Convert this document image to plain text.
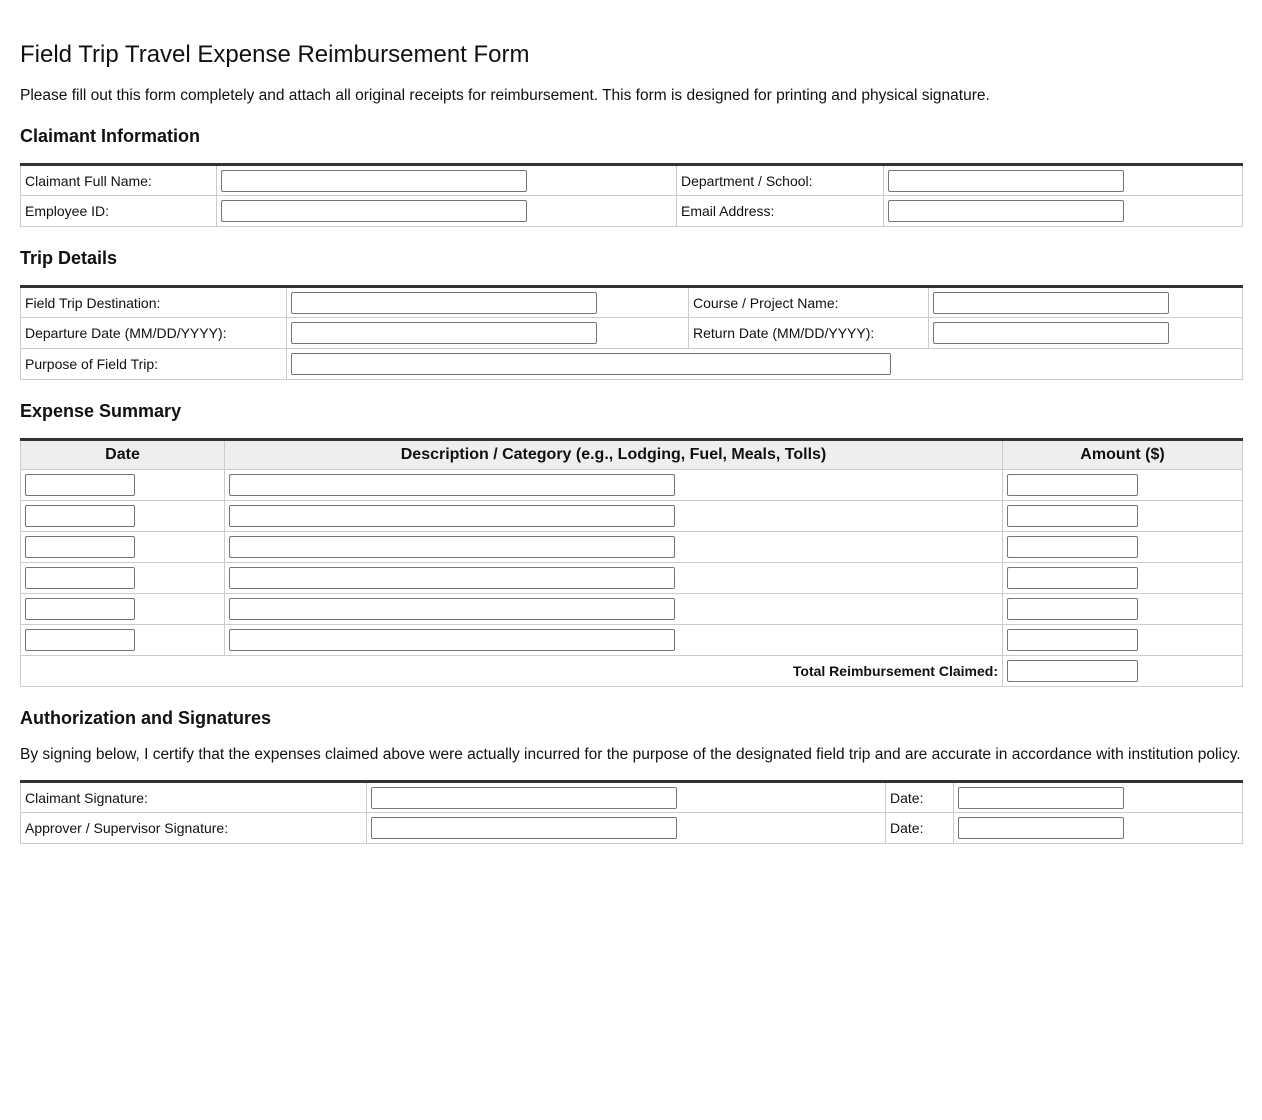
Field Trip Travel Expense Reimbursement Form

Please fill out this form completely and attach all original receipts for reimbursement. This form is designed for printing and physical signature.

Claimant Information
Claimant Full Name:		Department / School:	

Employee ID:		Email Address:	
Trip Details
Field Trip Destination:		Course / Project Name:	

Departure Date (MM/DD/YYYY):		Return Date (MM/DD/YYYY):	

Purpose of Field Trip:	
Expense Summary
Date	Description / Category (e.g., Lodging, Fuel, Meals, Tolls)	Amount ($)

Total Reimbursement Claimed:	
Authorization and Signatures

By signing below, I certify that the expenses claimed above were actually incurred for the purpose of the designated field trip and are accurate in accordance with institution policy.

Claimant Signature:		Date:	

Approver / Supervisor Signature:		Date:	
